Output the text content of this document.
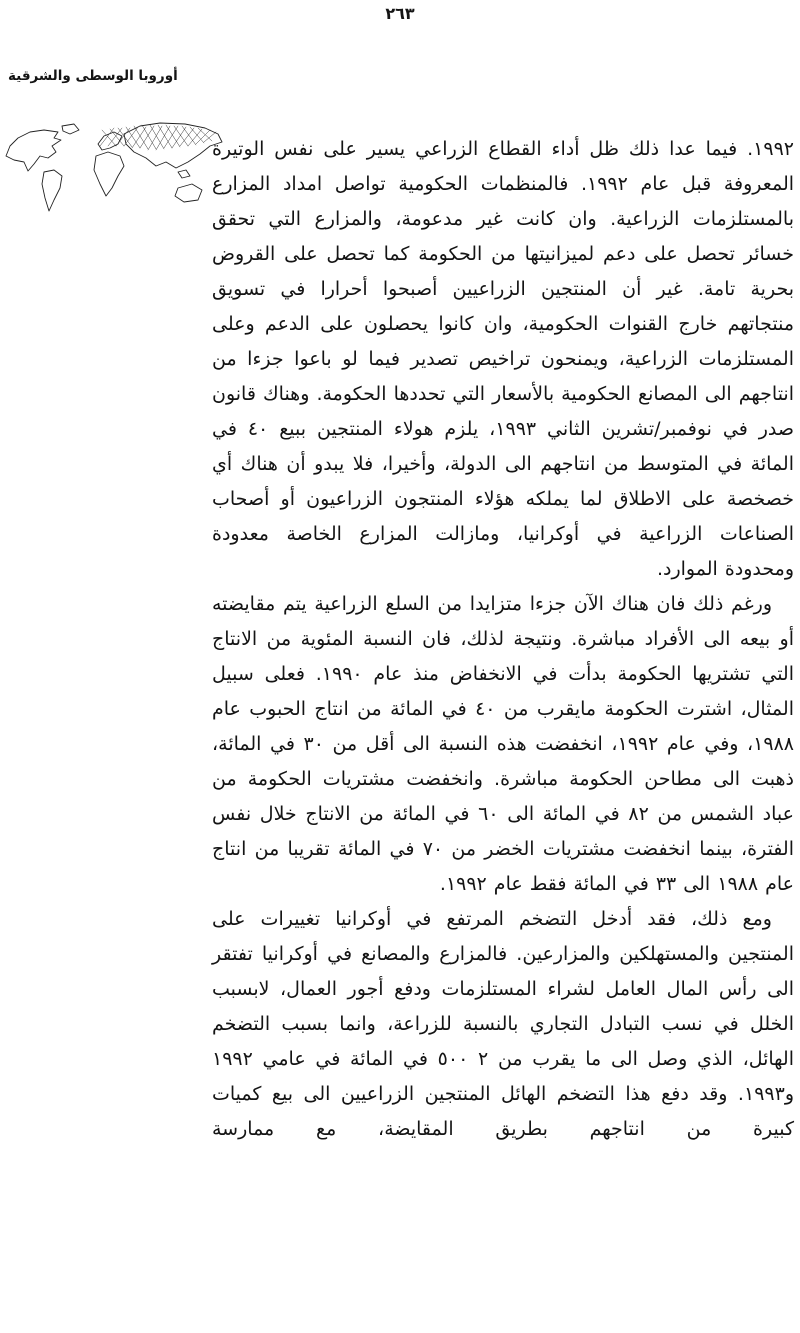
٢٦٣
أوروبا الوسطى والشرقية

١٩٩٢. فيما عدا ذلك ظل أداء القطاع الزراعي يسير على نفس الوتيرة المعروفة قبل عام ١٩٩٢. فالمنظمات الحكومية تواصل امداد المزارع بالمستلزمات الزراعية. وان كانت غير مدعومة، والمزارع التي تحقق خسائر تحصل على دعم لميزانيتها من الحكومة كما تحصل على القروض بحرية تامة. غير أن المنتجين الزراعيين أصبحوا أحرارا في تسويق منتجاتهم خارج القنوات الحكومية، وان كانوا يحصلون على الدعم وعلى المستلزمات الزراعية، ويمنحون تراخيص تصدير فيما لو باعوا جزءا من انتاجهم الى المصانع الحكومية بالأسعار التي تحددها الحكومة. وهناك قانون صدر في نوفمبر/تشرين الثاني ١٩٩٣، يلزم هولاء المنتجين ببيع ٤٠ في المائة في المتوسط من انتاجهم الى الدولة، وأخيرا، فلا يبدو أن هناك أي خصخصة على الاطلاق لما يملكه هؤلاء المنتجون الزراعيون أو أصحاب الصناعات الزراعية في أوكرانيا، ومازالت المزارع الخاصة معدودة ومحدودة الموارد.

ورغم ذلك فان هناك الآن جزءا متزايدا من السلع الزراعية يتم مقايضته أو بيعه الى الأفراد مباشرة. ونتيجة لذلك، فان النسبة المئوية من الانتاج التي تشتريها الحكومة بدأت في الانخفاض منذ عام ١٩٩٠. فعلى سبيل المثال، اشترت الحكومة مايقرب من ٤٠ في المائة من انتاج الحبوب عام ١٩٨٨، وفي عام ١٩٩٢، انخفضت هذه النسبة الى أقل من ٣٠ في المائة، ذهبت الى مطاحن الحكومة مباشرة. وانخفضت مشتريات الحكومة من عباد الشمس من ٨٢ في المائة الى ٦٠ في المائة من الانتاج خلال نفس الفترة، بينما انخفضت مشتريات الخضر من ٧٠ في المائة تقريبا من انتاج عام ١٩٨٨ الى ٣٣ في المائة فقط عام ١٩٩٢.

ومع ذلك، فقد أدخل التضخم المرتفع في أوكرانيا تغييرات على المنتجين والمستهلكين والمزارعين. فالمزارع والمصانع في أوكرانيا تفتقر الى رأس المال العامل لشراء المستلزمات ودفع أجور العمال، لابسبب الخلل في نسب التبادل التجاري بالنسبة للزراعة، وانما بسبب التضخم الهائل، الذي وصل الى ما يقرب من ٢ ٥٠٠ في المائة في عامي ١٩٩٢ و١٩٩٣. وقد دفع هذا التضخم الهائل المنتجين الزراعيين الى بيع كميات كبيرة من انتاجهم بطريق المقايضة، مع ممارسة
